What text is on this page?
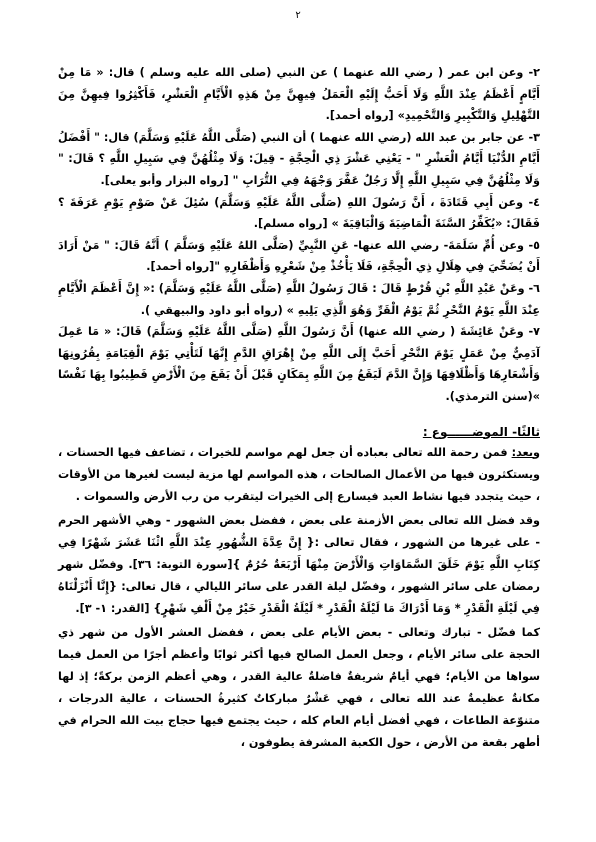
٢

٢- وعن ابن عمر ( رضي الله عنهما ) عن النبي (صلى الله عليه وسلم ) قال: « مَا مِنْ أَيَّامٍ أَعْظَمُ عِنْدَ اللَّهِ وَلَا أَحَبُّ إِلَيْهِ الْعَمَلُ فِيهِنَّ مِنْ هَذِهِ الْأَيَّامِ الْعَشْرِ، فَأَكْثِرُوا فِيهِنَّ مِنَ التَّهْلِيلِ وَالتَّكْبِيرِ وَالتَّحْمِيدِ» [رواه أحمد].

٣- عن جابر بن عبد الله (رضي الله عنهما ) أن النبي (صَلَّى اللَّهُ عَلَيْهِ وَسَلَّمَ) قال: " أَفْضَلُ أَيَّامِ الدُّنْيَا أَيَّامُ الْعَشْرِ " - يَعْنِي عَشْرَ ذِي الْحِجَّةِ - قِيلَ: وَلَا مِثْلُهُنَّ فِي سَبِيلِ اللَّهِ ؟ قَالَ: " وَلَا مِثْلُهُنَّ فِي سَبِيلِ اللَّهِ إِلَّا رَجُلٌ عَفَّرَ وَجْهَهُ فِي التُّرَابِ " [رواه البزار وأبو يعلى].

٤- وعن أَبِي قَتَادَةَ ، أَنَّ رَسُولَ اللهِ (صَلَّى اللَّهُ عَلَيْهِ وَسَلَّمَ) سُئِلَ عَنْ صَوْمِ يَوْمِ عَرَفَةَ ؟ فَقَالَ: «يُكَفِّرُ السَّنَةَ الْمَاضِيَةَ وَالْبَاقِيَةَ » [رواه مسلم].

٥- وعن أُمِّ سَلَمَةَ- رضي الله عنها- عَنِ النَّبِيِّ (صَلَّى اللهُ عَلَيْهِ وَسَلَّمَ ) أَنَّهُ قَالَ: " مَنْ أَرَادَ أَنْ يُضَحِّيَ فِي هِلَالِ ذِي الْحِجَّةِ، فَلَا يَأْخُذْ مِنْ شَعْرِهِ وَأَظْفَارِهِ "[رواه أحمد].

٦- وعَنْ عَبْدِ اللَّهِ بْنِ قُرْطٍ قَالَ : قَالَ رَسُولُ اللَّهِ (صَلَّى اللَّهُ عَلَيْهِ وَسَلَّمَ) :« إِنَّ أَعْظَمَ الْأَيَّامِ عِنْدَ اللَّهِ يَوْمُ النَّحْرِ ثُمَّ يَوْمُ الْقَرِّ وَهُوَ الَّذِي يَلِيهِ » (رواه أبو داود والبيهقي ).

٧- وعَنْ عَائِشَةَ ( رضي الله عنها) أَنَّ رَسُولَ اللَّهِ (صَلَّى اللَّهُ عَلَيْهِ وَسَلَّمَ) قَالَ: « مَا عَمِلَ آدَمِيٌّ مِنْ عَمَلٍ يَوْمَ النَّحْرِ أَحَبَّ إِلَى اللَّهِ مِنْ إِهْرَاقِ الدَّمِ إِنَّهَا لَتَأْتِي يَوْمَ الْقِيَامَةِ بِقُرُونِهَا وَأَشْعَارِهَا وَأَظْلَافِهَا وَإِنَّ الدَّمَ لَيَقَعُ مِنَ اللَّهِ بِمَكَانٍ قَبْلَ أَنْ يَقَعَ مِنَ الْأَرْضِ فَطِيبُوا بِهَا نَفْسًا »(سنن الترمذي).

ثالثًا- الموضــــــوع :

وبعد: فمن رحمة الله تعالى بعباده أن جعل لهم مواسم للخيرات ، تضاعف فيها الحسنات ، ويستكثرون فيها من الأعمال الصالحات ، هذه المواسم لها مزية ليست لغيرها من الأوقات ، حيث يتجدد فيها نشاط العبد فيسارع إلى الخيرات ليتقرب من رب الأرض والسموات .

وقد فضل الله تعالى بعض الأزمنة على بعض ، ففضل بعض الشهور - وهي الأشهر الحرم - على غيرها من الشهور ، فقال تعالى :{ إِنَّ عِدَّةَ الشُّهُورِ عِنْدَ اللَّهِ اثْنَا عَشَرَ شَهْرًا فِي كِتَابِ اللَّهِ يَوْمَ خَلَقَ السَّمَاوَاتِ وَالْأَرْضَ مِنْهَا أَرْبَعَةٌ حُرُمٌ }[سورة التوبة: ٣٦]. وفضّل شهر رمضان على سائر الشهور ، وفضّل ليلة القدر على سائر الليالي ، قال تعالى: {إِنَّا أَنْزَلْنَاهُ فِي لَيْلَةِ الْقَدْرِ * وَمَا أَدْرَاكَ مَا لَيْلَةُ الْقَدْرِ * لَيْلَةُ الْقَدْرِ خَيْرٌ مِنْ أَلْفِ شَهْرٍ} [القدر: ١- ٣].

كما فضّل - تبارك وتعالى - بعض الأيام على بعض ، ففضل العشر الأول من شهر ذي الحجة على سائر الأيام ، وجعل العمل الصالح فيها أكثر ثوابًا وأعظم أجرًا من العمل فيما سواها من الأيام؛ فهي أيامٌ شريفةٌ فاضلةٌ عالية القدر ، وهي أعظم الزمن بركةً؛ إذ لها مكانةٌ عظيمةٌ عند الله تعالى ، فهي عَشْرٌ مباركاتٌ كثيرةُ الحسنات ، عالية الدرجات ، متنوّعة الطاعات ، فهي أفضل أيام العام كله ، حيث يجتمع فيها حجاج بيت الله الحرام في أطهر بقعة من الأرض ، حول الكعبة المشرفة يطوفون ،
